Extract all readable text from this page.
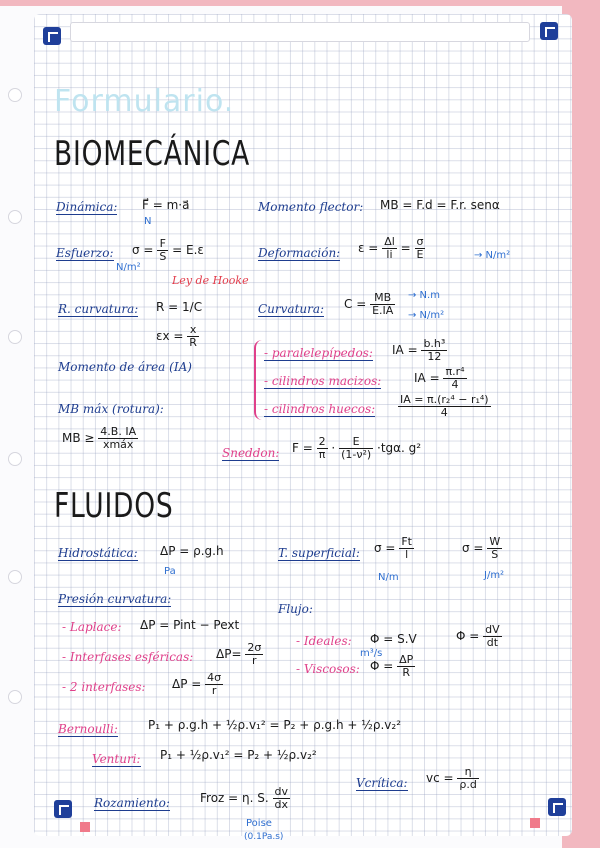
Formulario.
BIOMECÁNICA
Dinámica: F⃗ = m·a⃗
N
Momento flector: MB = F.d = F.r. senα
Esfuerzo: $\sigma = \frac{F}{S} = E.\varepsilon$
N/m²
Ley de Hooke
Deformación: $\varepsilon = \frac{\Delta l}{li} = \frac{\sigma}{E}$	→ N/m²
R. curvatura: R = 1/C	Curvatura: $C = \frac{MB}{E.IA} \to N.m$
→ N/m²
$\varepsilon x = \frac{x}{R}$
Momento de área (IA)
- paralelepípedos: IA = $\frac{\text{b.h³}}{12}$
- cilindros macizos:	IA = $\frac{\text{π.r⁴}}{4}$
- cilindros huecos: $\frac{\text{IA = π.(r₂⁴ − r₁⁴)}}{4}$
MB máx (rotura):
MB ≥ $\frac{4.B. IA}{\text{xmáx}}$
Sneddon: $F = \frac{2}{\pi} \cdot \frac{E}{\text{(1-ν²)}} \cdot tg\alpha$. g²
FLUIDOS
Hidrostática: ΔP = ρ.g.h
Pa
T. superficial: $\sigma = \frac{Ft}{l}$
N/m
$\sigma = \frac{W}{S}$
J/m²
Presión curvatura:
- Laplace: ΔP = Pint − Pext
- Interfases esféricas: $\Delta P= \frac{2\sigma}{r}$
- 2 interfases: $\Delta P = \frac{4\sigma}{r}$
Flujo:
- Ideales: Φ = S.V
m³/s
$\Phi = \frac{dV}{dt}$
- Viscosos: $\Phi = \frac{\Delta P}{R}$
Bernoulli:	P₁ + ρ.g.h + ½ρ.v₁² = P₂ + ρ.g.h + ½ρ.v₂²
Venturi: P₁ + ½ρ.v₁² = P₂ + ½ρ.v₂²
Vcrítica: vc = $\frac{\eta}{\rho.d}$
Rozamiento:	Froz = η. S. $\frac{dv}{dx}$
Poise
(0.1Pa.s)
